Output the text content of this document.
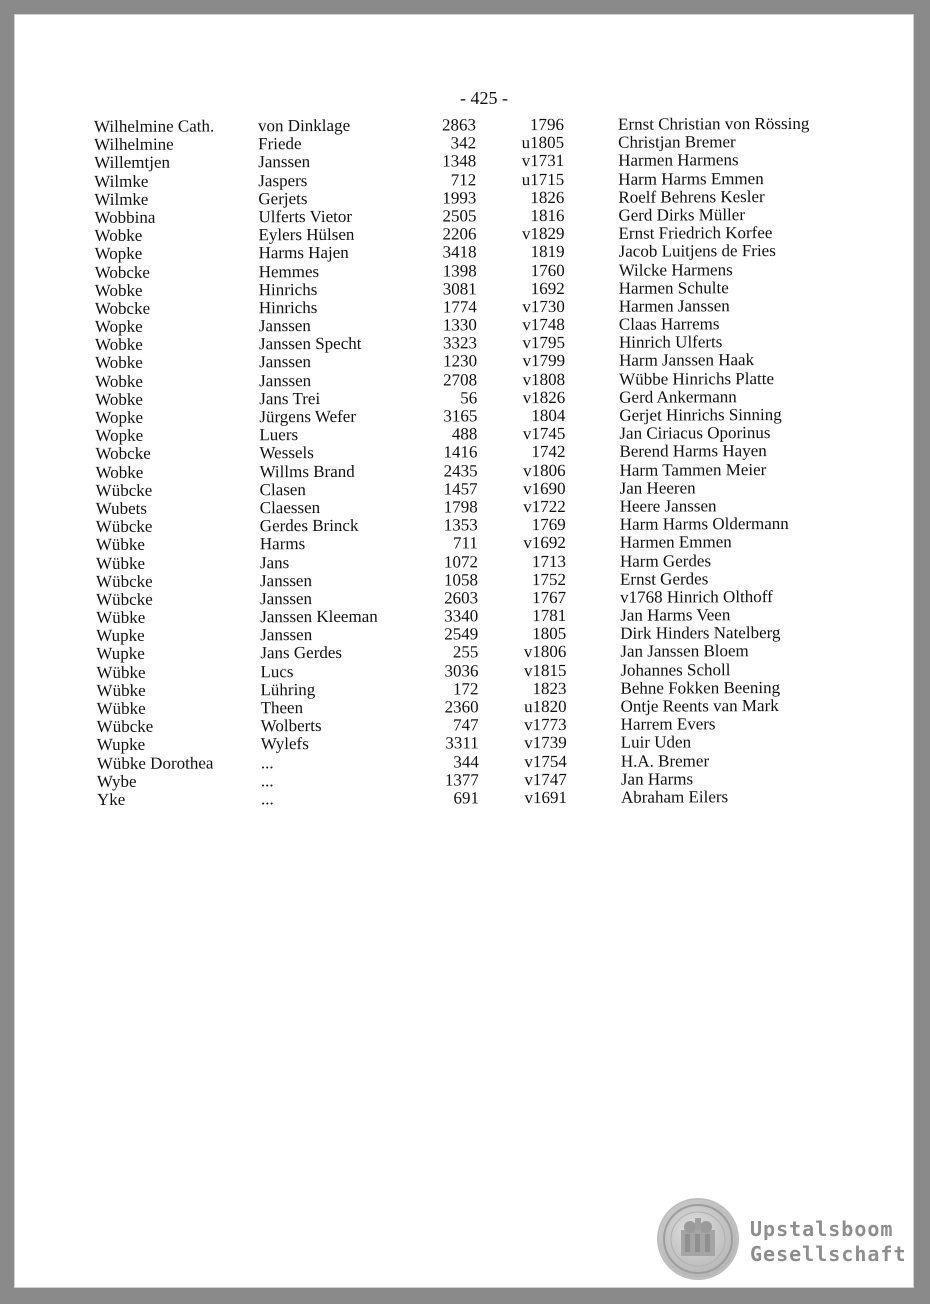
- 425 -
Wilhelmine Cath.	von Dinklage	2863	1796	Ernst Christian von Rössing
Wilhelmine	Friede	342	u1805	Christjan Bremer
Willemtjen	Janssen	1348	v1731	Harmen Harmens
Wilmke	Jaspers	712	u1715	Harm Harms Emmen
Wilmke	Gerjets	1993	1826	Roelf Behrens Kesler
Wobbina	Ulferts Vietor	2505	1816	Gerd Dirks Müller
Wobke	Eylers Hülsen	2206	v1829	Ernst Friedrich Korfee
Wopke	Harms Hajen	3418	1819	Jacob Luitjens de Fries
Wobcke	Hemmes	1398	1760	Wilcke Harmens
Wobke	Hinrichs	3081	1692	Harmen Schulte
Wobcke	Hinrichs	1774	v1730	Harmen Janssen
Wopke	Janssen	1330	v1748	Claas Harrems
Wobke	Janssen Specht	3323	v1795	Hinrich Ulferts
Wobke	Janssen	1230	v1799	Harm Janssen Haak
Wobke	Janssen	2708	v1808	Wübbe Hinrichs Platte
Wobke	Jans Trei	56	v1826	Gerd Ankermann
Wopke	Jürgens Wefer	3165	1804	Gerjet Hinrichs Sinning
Wopke	Luers	488	v1745	Jan Ciriacus Oporinus
Wobcke	Wessels	1416	1742	Berend Harms Hayen
Wobke	Willms Brand	2435	v1806	Harm Tammen Meier
Wübcke	Clasen	1457	v1690	Jan Heeren
Wubets	Claessen	1798	v1722	Heere Janssen
Wübcke	Gerdes Brinck	1353	1769	Harm Harms Oldermann
Wübke	Harms	711	v1692	Harmen Emmen
Wübke	Jans	1072	1713	Harm Gerdes
Wübcke	Janssen	1058	1752	Ernst Gerdes
Wübcke	Janssen	2603	1767	v1768 Hinrich Olthoff
Wübke	Janssen Kleeman	3340	1781	Jan Harms Veen
Wupke	Janssen	2549	1805	Dirk Hinders Natelberg
Wupke	Jans Gerdes	255	v1806	Jan Janssen Bloem
Wübke	Lucs	3036	v1815	Johannes Scholl
Wübke	Lühring	172	1823	Behne Fokken Beening
Wübke	Theen	2360	u1820	Ontje Reents van Mark
Wübcke	Wolberts	747	v1773	Harrem Evers
Wupke	Wylefs	3311	v1739	Luir Uden
Wübke Dorothea	...	344	v1754	H.A. Bremer
Wybe	...	1377	v1747	Jan Harms
Yke	...	691	v1691	Abraham Eilers
Upstalsboom
Gesellschaft
